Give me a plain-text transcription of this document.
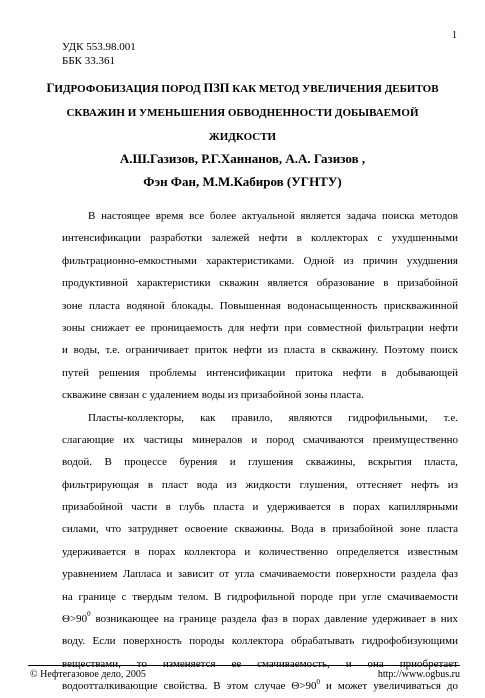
1
УДК 553.98.001
ББК 33.361
ГИДРОФОБИЗАЦИЯ ПОРОД ПЗП КАК МЕТОД УВЕЛИЧЕНИЯ ДЕБИТОВ
СКВАЖИН И УМЕНЬШЕНИЯ ОБВОДНЕННОСТИ ДОБЫВАЕМОЙ
ЖИДКОСТИ
А.Ш.Газизов, Р.Г.Ханнанов, А.А. Газизов ,
Фэн Фан, М.М.Кабиров (УГНТУ)
В настоящее время все более актуальной является задача поиска методов
интенсификации разработки залежей нефти в коллекторах с ухудшенными
фильтрационно-емкостными характеристиками. Одной из причин ухудшения
продуктивной характеристики скважин является образование в призабойной
зоне пласта водяной блокады. Повышенная водонасыщенность прискважинной
зоны снижает ее проницаемость для нефти при совместной фильтрации нефти
и воды, т.е. ограничивает приток нефти из пласта в скважину. Поэтому поиск
путей решения проблемы интенсификации притока нефти в добывающей
скважине связан с удалением воды из призабойной зоны пласта.
Пласты-коллекторы, как правило, являются гидрофильными, т.е.
слагающие их частицы минералов и пород смачиваются преимущественно
водой. В процессе бурения и глушения скважины, вскрытия пласта,
фильтрирующая в пласт вода из жидкости глушения, оттесняет нефть из
призабойной части в глубь пласта и удерживается в порах капиллярными
силами, что затрудняет освоение скважины. Вода в призабойной зоне пласта
удерживается в порах коллектора и количественно определяется известным
уравнением Лапласа и зависит от угла смачиваемости поверхности раздела фаз
на границе с твердым телом. В гидрофильной породе при угле смачиваемости
$\Theta>90^0$ возникающее на границе раздела фаз в порах давление удерживает в них
воду. Если поверхность породы коллектора обрабатывать гидрофобизующими
веществами, то изменяется ее смачиваемость, и она приобретает
водоотталкивающие свойства. В этом случае $\Theta>90^0$ и может увеличиваться до
© Нефтегазовое дело, 2005	http://www.ogbus.ru
